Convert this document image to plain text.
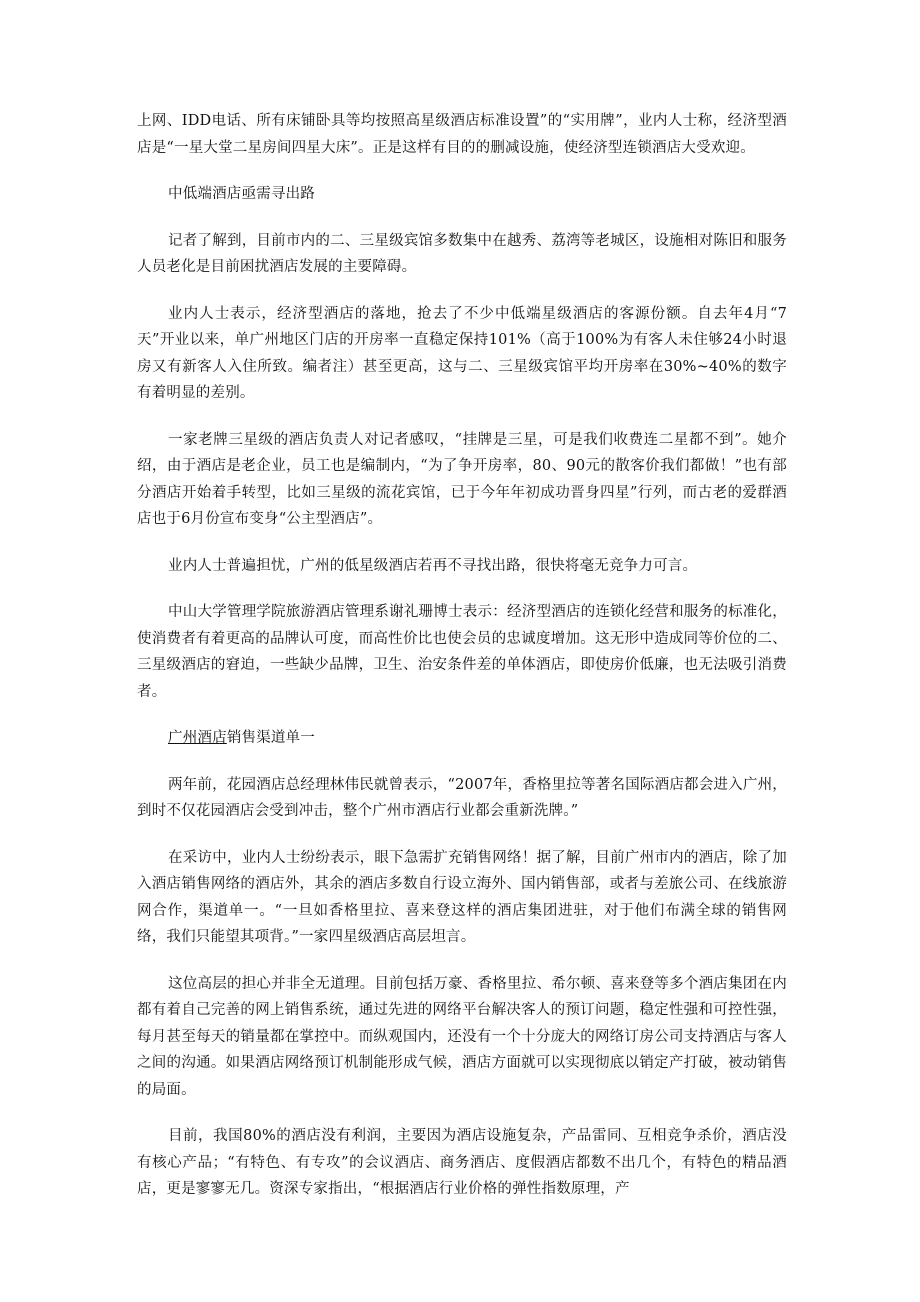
上网、IDD电话、所有床铺卧具等均按照高星级酒店标准设置”的“实用牌”，业内人士称，经济型酒店是“一星大堂二星房间四星大床”。正是这样有目的的删减设施，使经济型连锁酒店大受欢迎。

中低端酒店亟需寻出路

记者了解到，目前市内的二、三星级宾馆多数集中在越秀、荔湾等老城区，设施相对陈旧和服务人员老化是目前困扰酒店发展的主要障碍。

业内人士表示，经济型酒店的落地，抢去了不少中低端星级酒店的客源份额。自去年4月“7天”开业以来，单广州地区门店的开房率一直稳定保持101%（高于100%为有客人未住够24小时退房又有新客人入住所致。编者注）甚至更高，这与二、三星级宾馆平均开房率在30%~40%的数字有着明显的差别。

一家老牌三星级的酒店负责人对记者感叹，“挂牌是三星，可是我们收费连二星都不到”。她介绍，由于酒店是老企业，员工也是编制内，“为了争开房率，80、90元的散客价我们都做！”也有部分酒店开始着手转型，比如三星级的流花宾馆，已于今年年初成功晋身四星”行列，而古老的爱群酒店也于6月份宣布变身“公主型酒店”。

业内人士普遍担忧，广州的低星级酒店若再不寻找出路，很快将毫无竞争力可言。

中山大学管理学院旅游酒店管理系谢礼珊博士表示：经济型酒店的连锁化经营和服务的标准化，使消费者有着更高的品牌认可度，而高性价比也使会员的忠诚度增加。这无形中造成同等价位的二、三星级酒店的窘迫，一些缺少品牌，卫生、治安条件差的单体酒店，即使房价低廉，也无法吸引消费者。

广州酒店销售渠道单一

两年前，花园酒店总经理林伟民就曾表示，“2007年，香格里拉等著名国际酒店都会进入广州，到时不仅花园酒店会受到冲击，整个广州市酒店行业都会重新洗牌。”

在采访中，业内人士纷纷表示，眼下急需扩充销售网络！据了解，目前广州市内的酒店，除了加入酒店销售网络的酒店外，其余的酒店多数自行设立海外、国内销售部，或者与差旅公司、在线旅游网合作，渠道单一。“一旦如香格里拉、喜来登这样的酒店集团进驻，对于他们布满全球的销售网络，我们只能望其项背。”一家四星级酒店高层坦言。

这位高层的担心并非全无道理。目前包括万豪、香格里拉、希尔顿、喜来登等多个酒店集团在内都有着自己完善的网上销售系统，通过先进的网络平台解决客人的预订问题，稳定性强和可控性强，每月甚至每天的销量都在掌控中。而纵观国内，还没有一个十分庞大的网络订房公司支持酒店与客人之间的沟通。如果酒店网络预订机制能形成气候，酒店方面就可以实现彻底以销定产打破，被动销售的局面。

目前，我国80%的酒店没有利润，主要因为酒店设施复杂，产品雷同、互相竞争杀价，酒店没有核心产品；“有特色、有专攻”的会议酒店、商务酒店、度假酒店都数不出几个，有特色的精品酒店，更是寥寥无几。资深专家指出，“根据酒店行业价格的弹性指数原理，产
